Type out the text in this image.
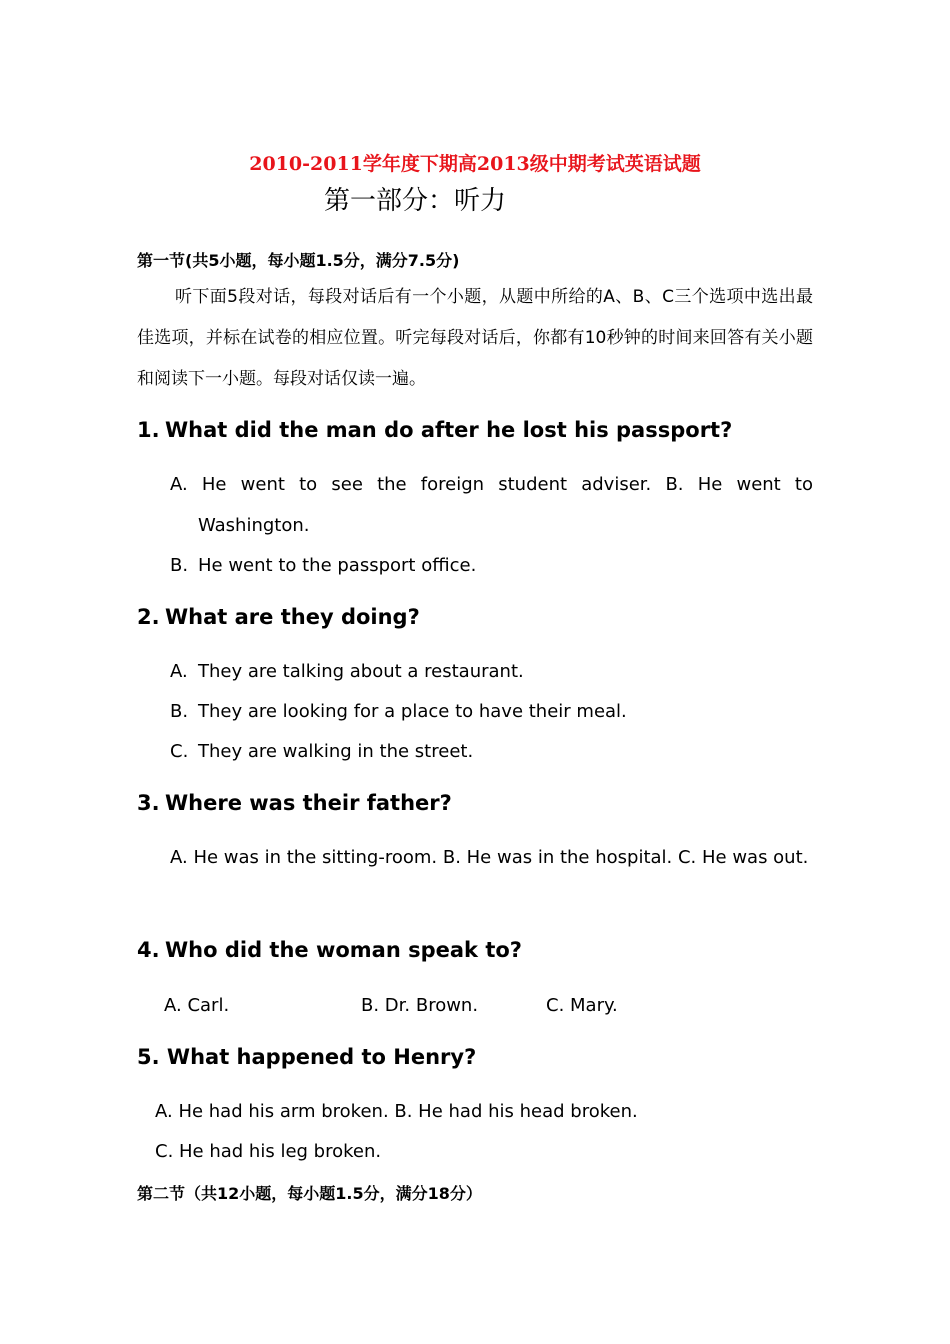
2010-2011学年度下期高2013级中期考试英语试题
第一部分：听力
第一节(共5小题，每小题1.5分，满分7.5分)
听下面5段对话，每段对话后有一个小题，从题中所给的A、B、C三个选项中选出最佳选项，并标在试卷的相应位置。听完每段对话后，你都有10秒钟的时间来回答有关小题和阅读下一小题。每段对话仅读一遍。
1. What did the man do after he lost his passport?
A. He went to see the foreign student adviser. B. He went to Washington.
B. He went to the passport office.
2. What are they doing?
A. They are talking about a restaurant.
B. They are looking for a place to have their meal.
C. They are walking in the street.
3. Where was their father?
A. He was in the sitting-room. B. He was in the hospital. C. He was out.
4. Who did the woman speak to?
A. Carl.	B. Dr. Brown.	C. Mary.
5. What happened to Henry?
A. He had his arm broken. B. He had his head broken.
C. He had his leg broken.
第二节（共12小题，每小题1.5分，满分18分）
